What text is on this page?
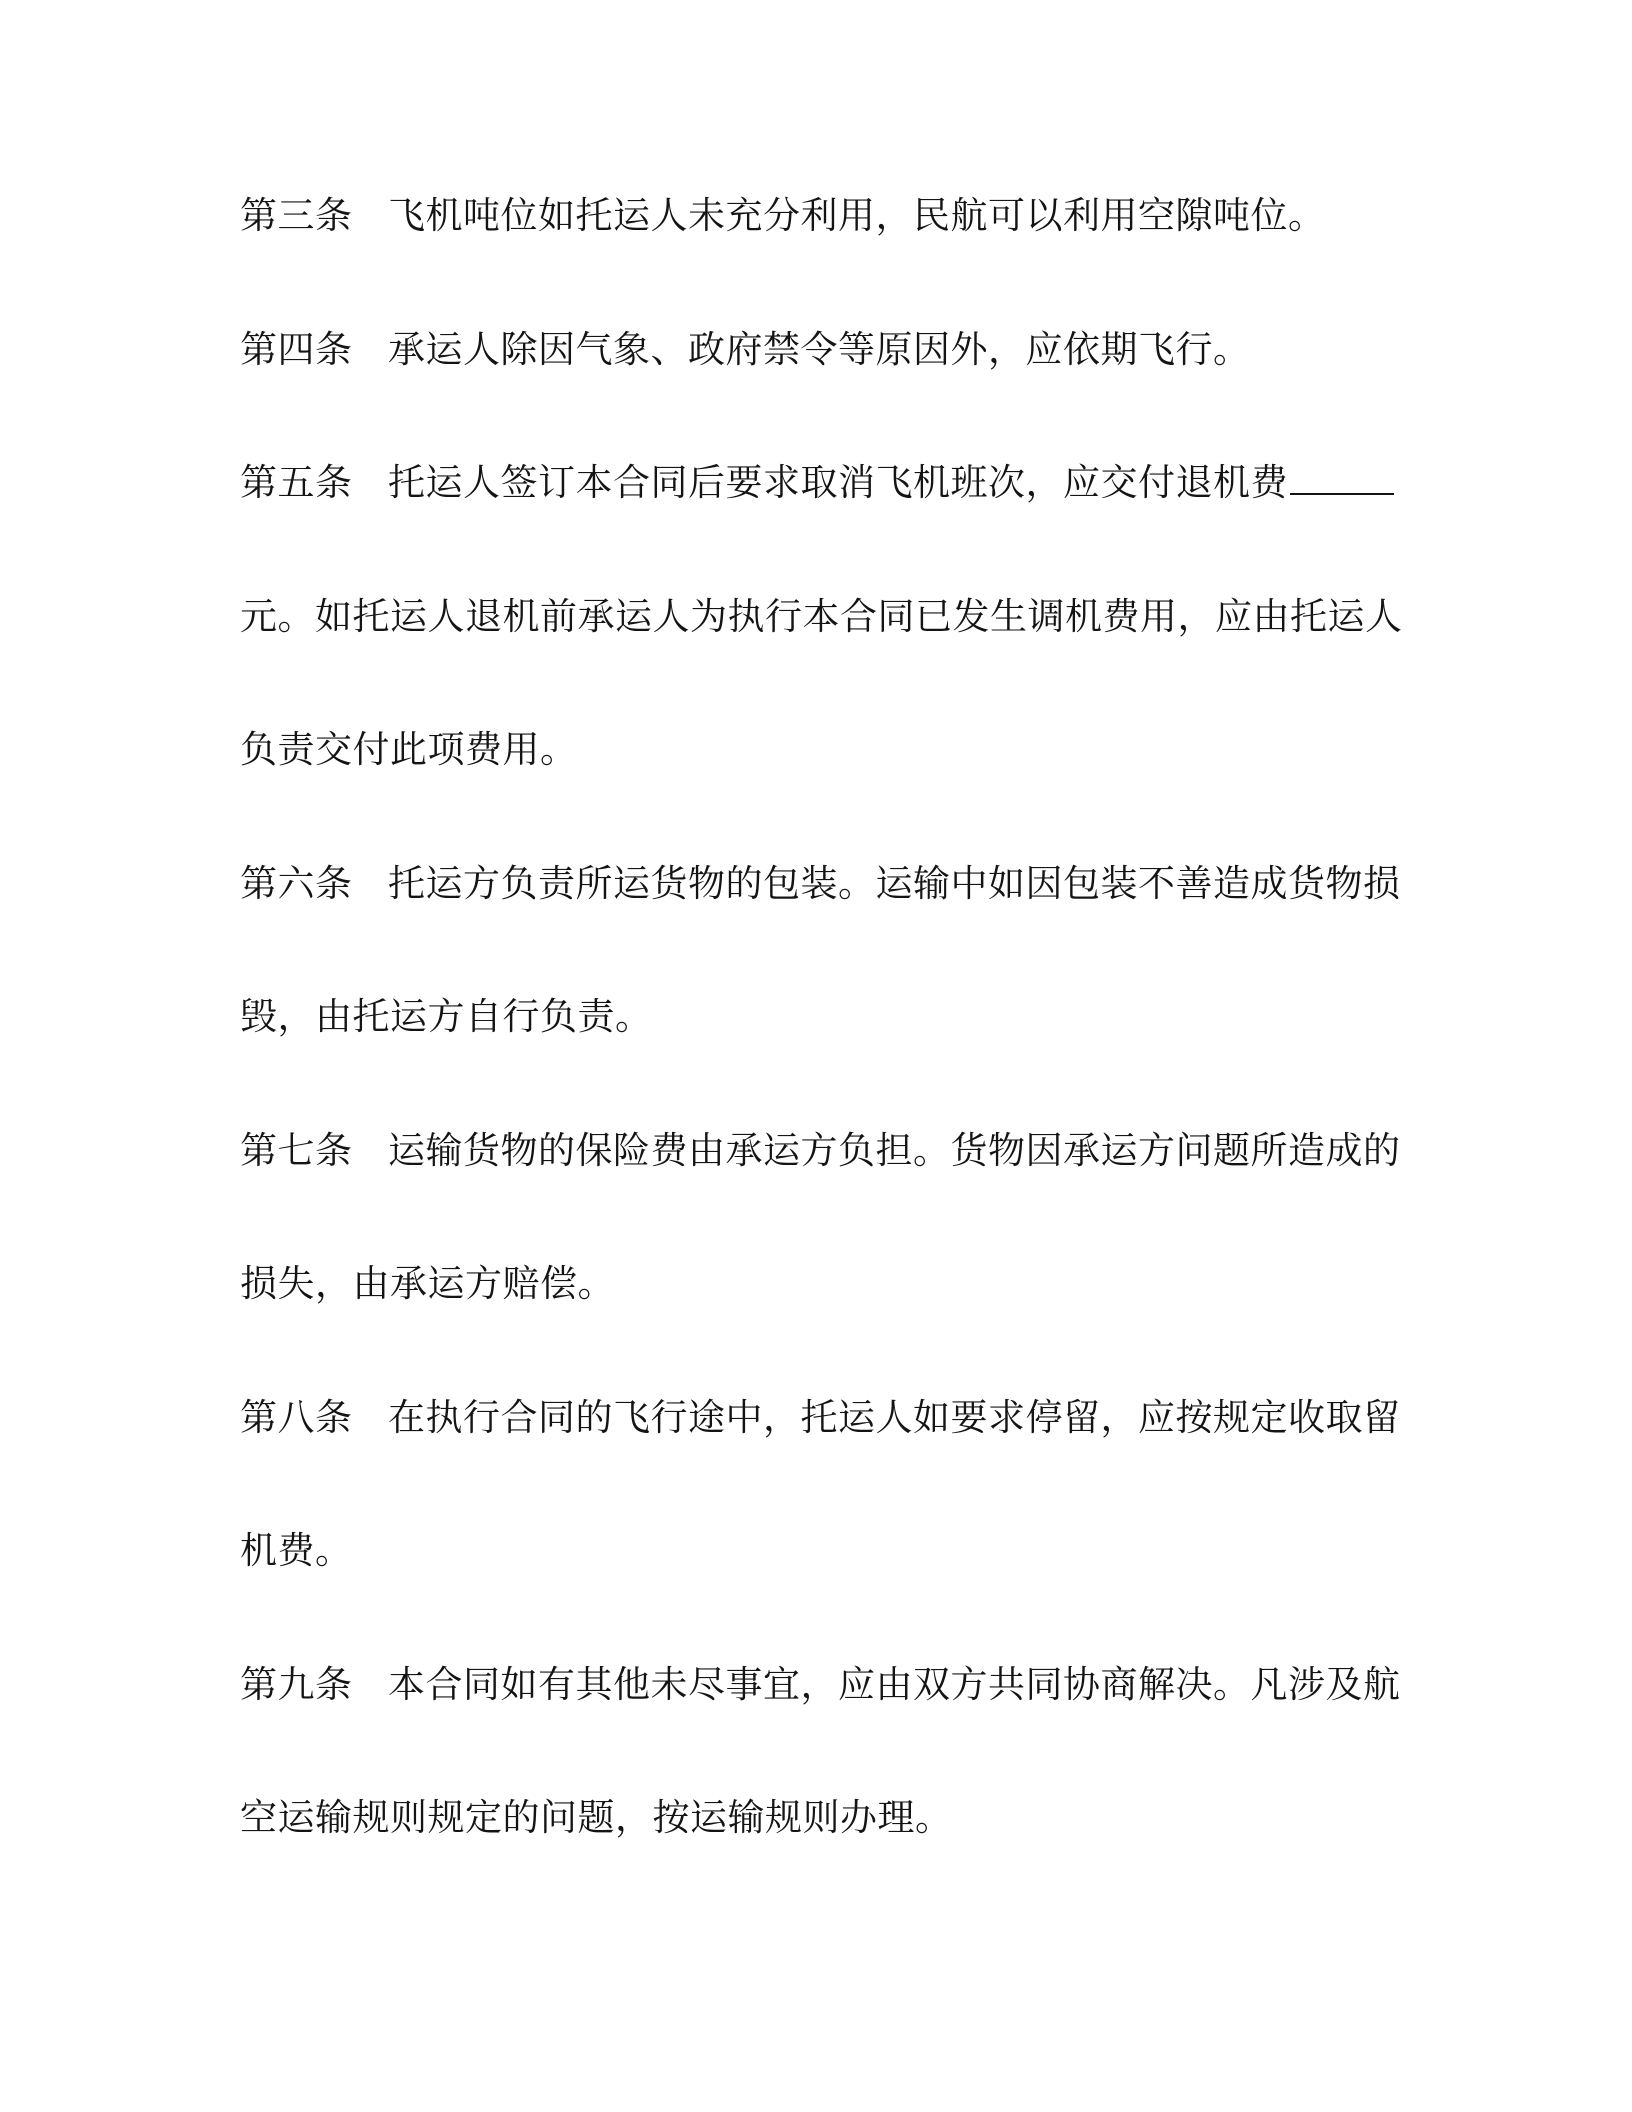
第三条 飞机吨位如托运人未充分利用，民航可以利用空隙吨位。
第四条 承运人除因气象、政府禁令等原因外，应依期飞行。
第五条 托运人签订本合同后要求取消飞机班次，应交付退机费
元。如托运人退机前承运人为执行本合同已发生调机费用，应由托运人
负责交付此项费用。
第六条 托运方负责所运货物的包装。运输中如因包装不善造成货物损
毁，由托运方自行负责。
第七条 运输货物的保险费由承运方负担。货物因承运方问题所造成的
损失，由承运方赔偿。
第八条 在执行合同的飞行途中，托运人如要求停留，应按规定收取留
机费。
第九条 本合同如有其他未尽事宜，应由双方共同协商解决。凡涉及航
空运输规则规定的问题，按运输规则办理。
